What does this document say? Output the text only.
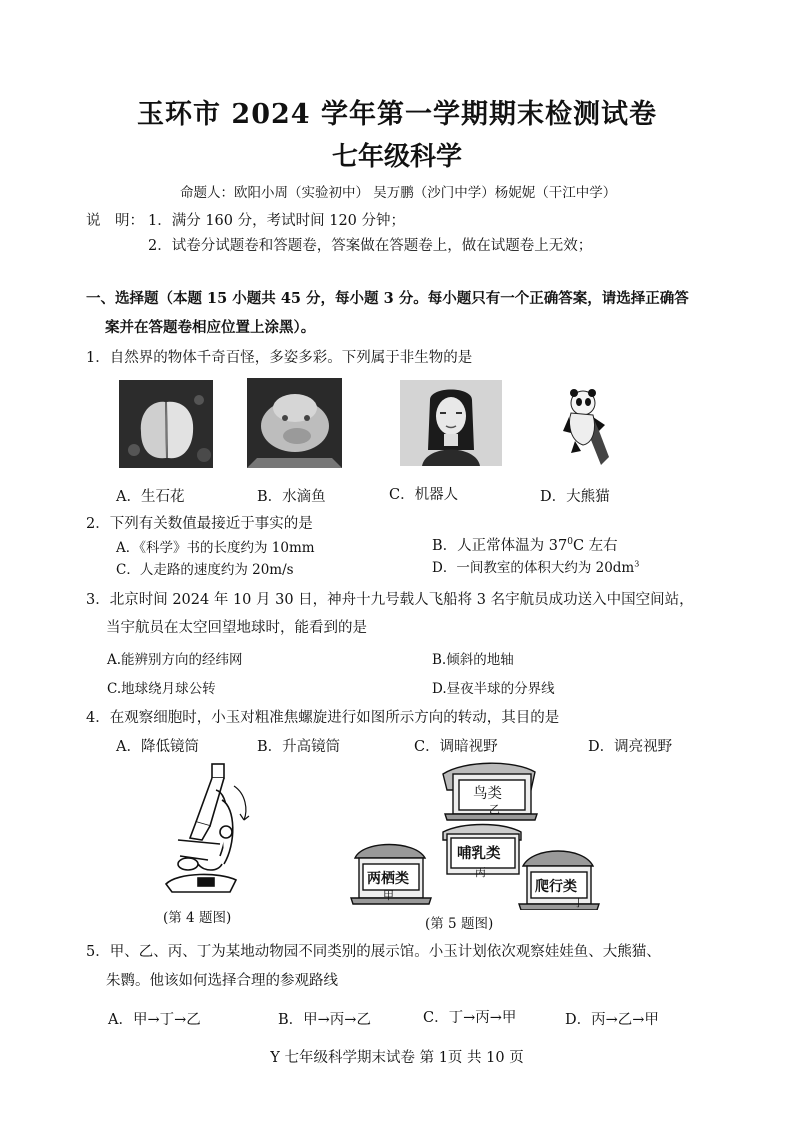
玉环市 2024 学年第一学期期末检测试卷
七年级科学
命题人：欧阳小周（实验初中） 吴万鹏（沙门中学）杨妮妮（干江中学）
说　明： 1．满分 160 分，考试时间 120 分钟；
2．试卷分试题卷和答题卷，答案做在答题卷上，做在试题卷上无效；
一、选择题（本题 15 小题共 45 分，每小题 3 分。每小题只有一个正确答案，请选择正确答
案并在答题卷相应位置上涂黑）。
1．自然界的物体千奇百怪，多姿多彩。下列属于非生物的是
A．生石花	B．水滴鱼	C．机器人	D．大熊猫
2．下列有关数值最接近于事实的是
A．《科学》书的长度约为 10mm	B．人正常体温为 $37^0C$ 左右
C．人走路的速度约为 20m/s	D．一间教室的体积大约为 $20dm^3$
3．北京时间 2024 年 10 月 30 日，神舟十九号载人飞船将 3 名宇航员成功送入中国空间站，
当宇航员在太空回望地球时，能看到的是
A.能辨别方向的经纬网	B.倾斜的地轴
C.地球绕月球公转	D.昼夜半球的分界线
4．在观察细胞时，小玉对粗准焦螺旋进行如图所示方向的转动，其目的是
A．降低镜筒	B．升高镜筒	C．调暗视野	D．调亮视野
(第 4 题图)
鸟类
乙
哺乳类
丙
两栖类
甲
爬行类
丁
(第 5 题图)
5．甲、乙、丙、丁为某地动物园不同类别的展示馆。小玉计划依次观察娃娃鱼、大熊猫、
朱鹮。他该如何选择合理的参观路线
A．甲→丁→乙	B．甲→丙→乙	C．丁→丙→甲	D．丙→乙→甲
Y 七年级科学期末试卷 第 1页 共 10 页
